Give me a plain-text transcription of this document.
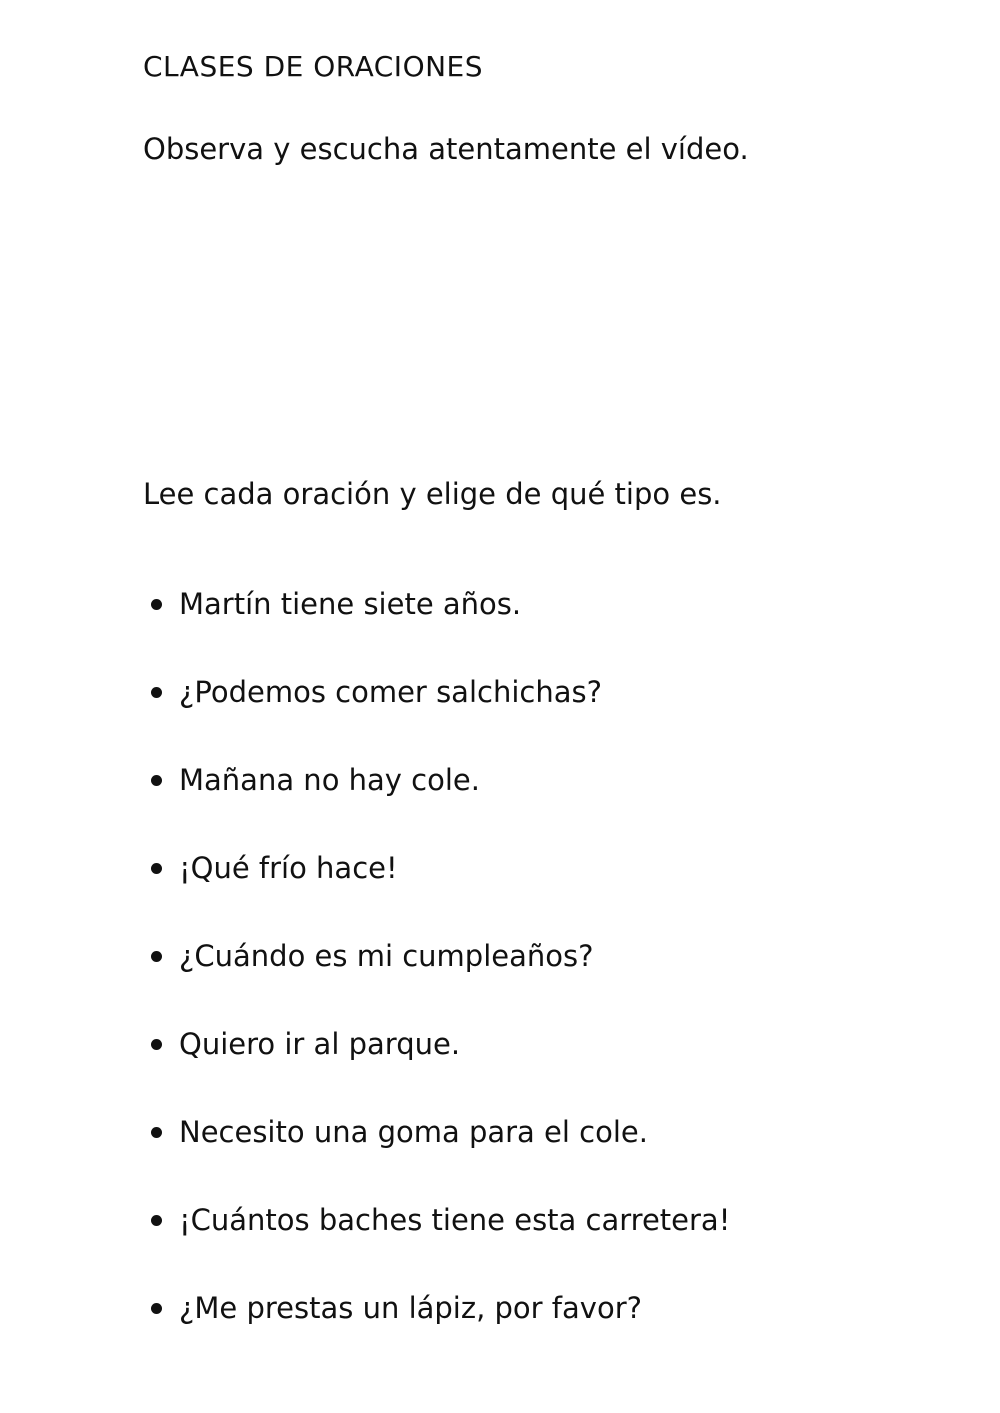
CLASES DE ORACIONES

Observa y escucha atentamente el vídeo.

Lee cada oración y elige de qué tipo es.

Martín tiene siete años.
¿Podemos comer salchichas?
Mañana no hay cole.
¡Qué frío hace!
¿Cuándo es mi cumpleaños?
Quiero ir al parque.
Necesito una goma para el cole.
¡Cuántos baches tiene esta carretera!
¿Me prestas un lápiz, por favor?
